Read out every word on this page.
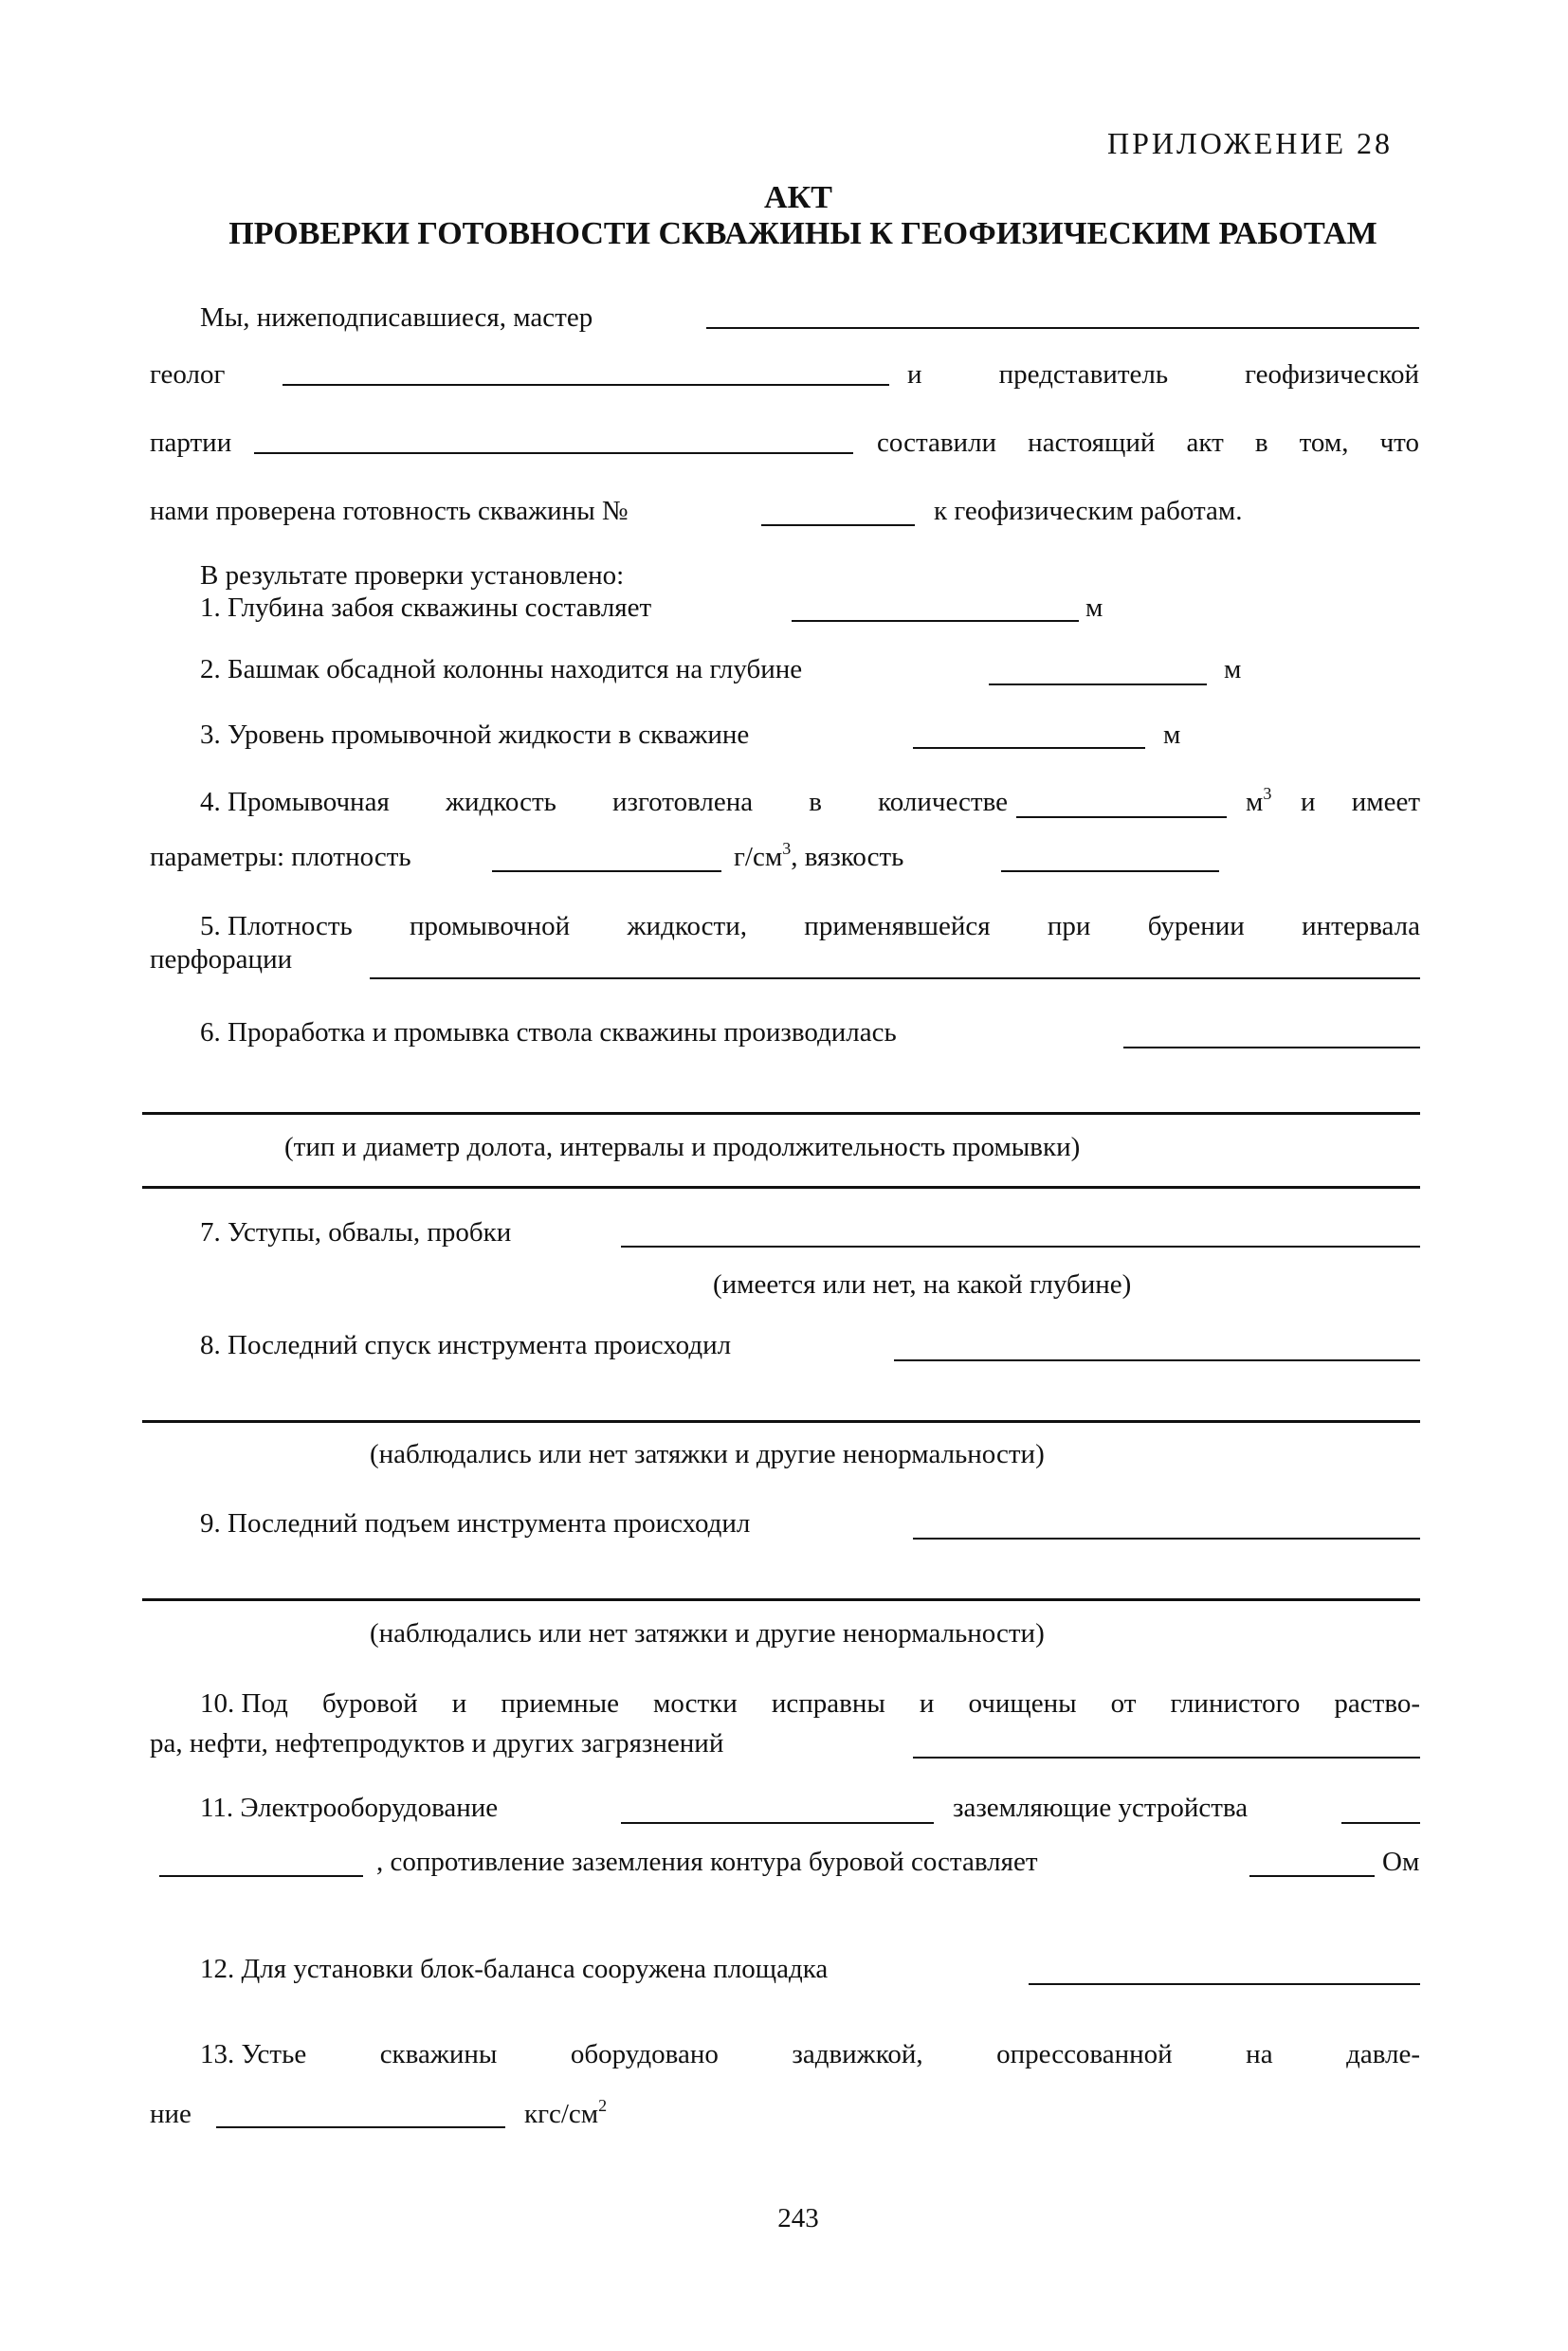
ПРИЛОЖЕНИЕ 28
АКТ
ПРОВЕРКИ ГОТОВНОСТИ СКВАЖИНЫ К ГЕОФИЗИЧЕСКИМ РАБОТАМ
Мы, нижеподписавшиеся, мастер
геолог	и	представитель	геофизической
партии	составили настоящий акт в том, что
нами проверена готовность скважины №	к геофизическим работам.
В результате проверки установлено:
1. Глубина забоя скважины составляет	м
2. Башмак обсадной колонны находится на глубине	м
3. Уровень промывочной жидкости в скважине	м
4. Промывочная жидкость изготовлена в количестве	$м^3$ и имеет
параметры: плотность	$г/см^3$, вязкость
5. Плотность промывочной жидкости, применявшейся при бурении интервала
перфорации
6. Проработка и промывка ствола скважины производилась
(тип и диаметр долота, интервалы и продолжительность промывки)
7. Уступы, обвалы, пробки
(имеется или нет, на какой глубине)
8. Последний спуск инструмента происходил
(наблюдались или нет затяжки и другие ненормальности)
9. Последний подъем инструмента происходил
(наблюдались или нет затяжки и другие ненормальности)
10. Под буровой и приемные мостки исправны и очищены от глинистого раство-
ра, нефти, нефтепродуктов и других загрязнений
11. Электрооборудование	заземляющие устройства
, сопротивление заземления контура буровой составляет	Ом
12. Для установки блок-баланса сооружена площадка
13. Устье	скважины	оборудовано	задвижкой,	опрессованной	на	давле-
ние	кгс/$см^2$
243
